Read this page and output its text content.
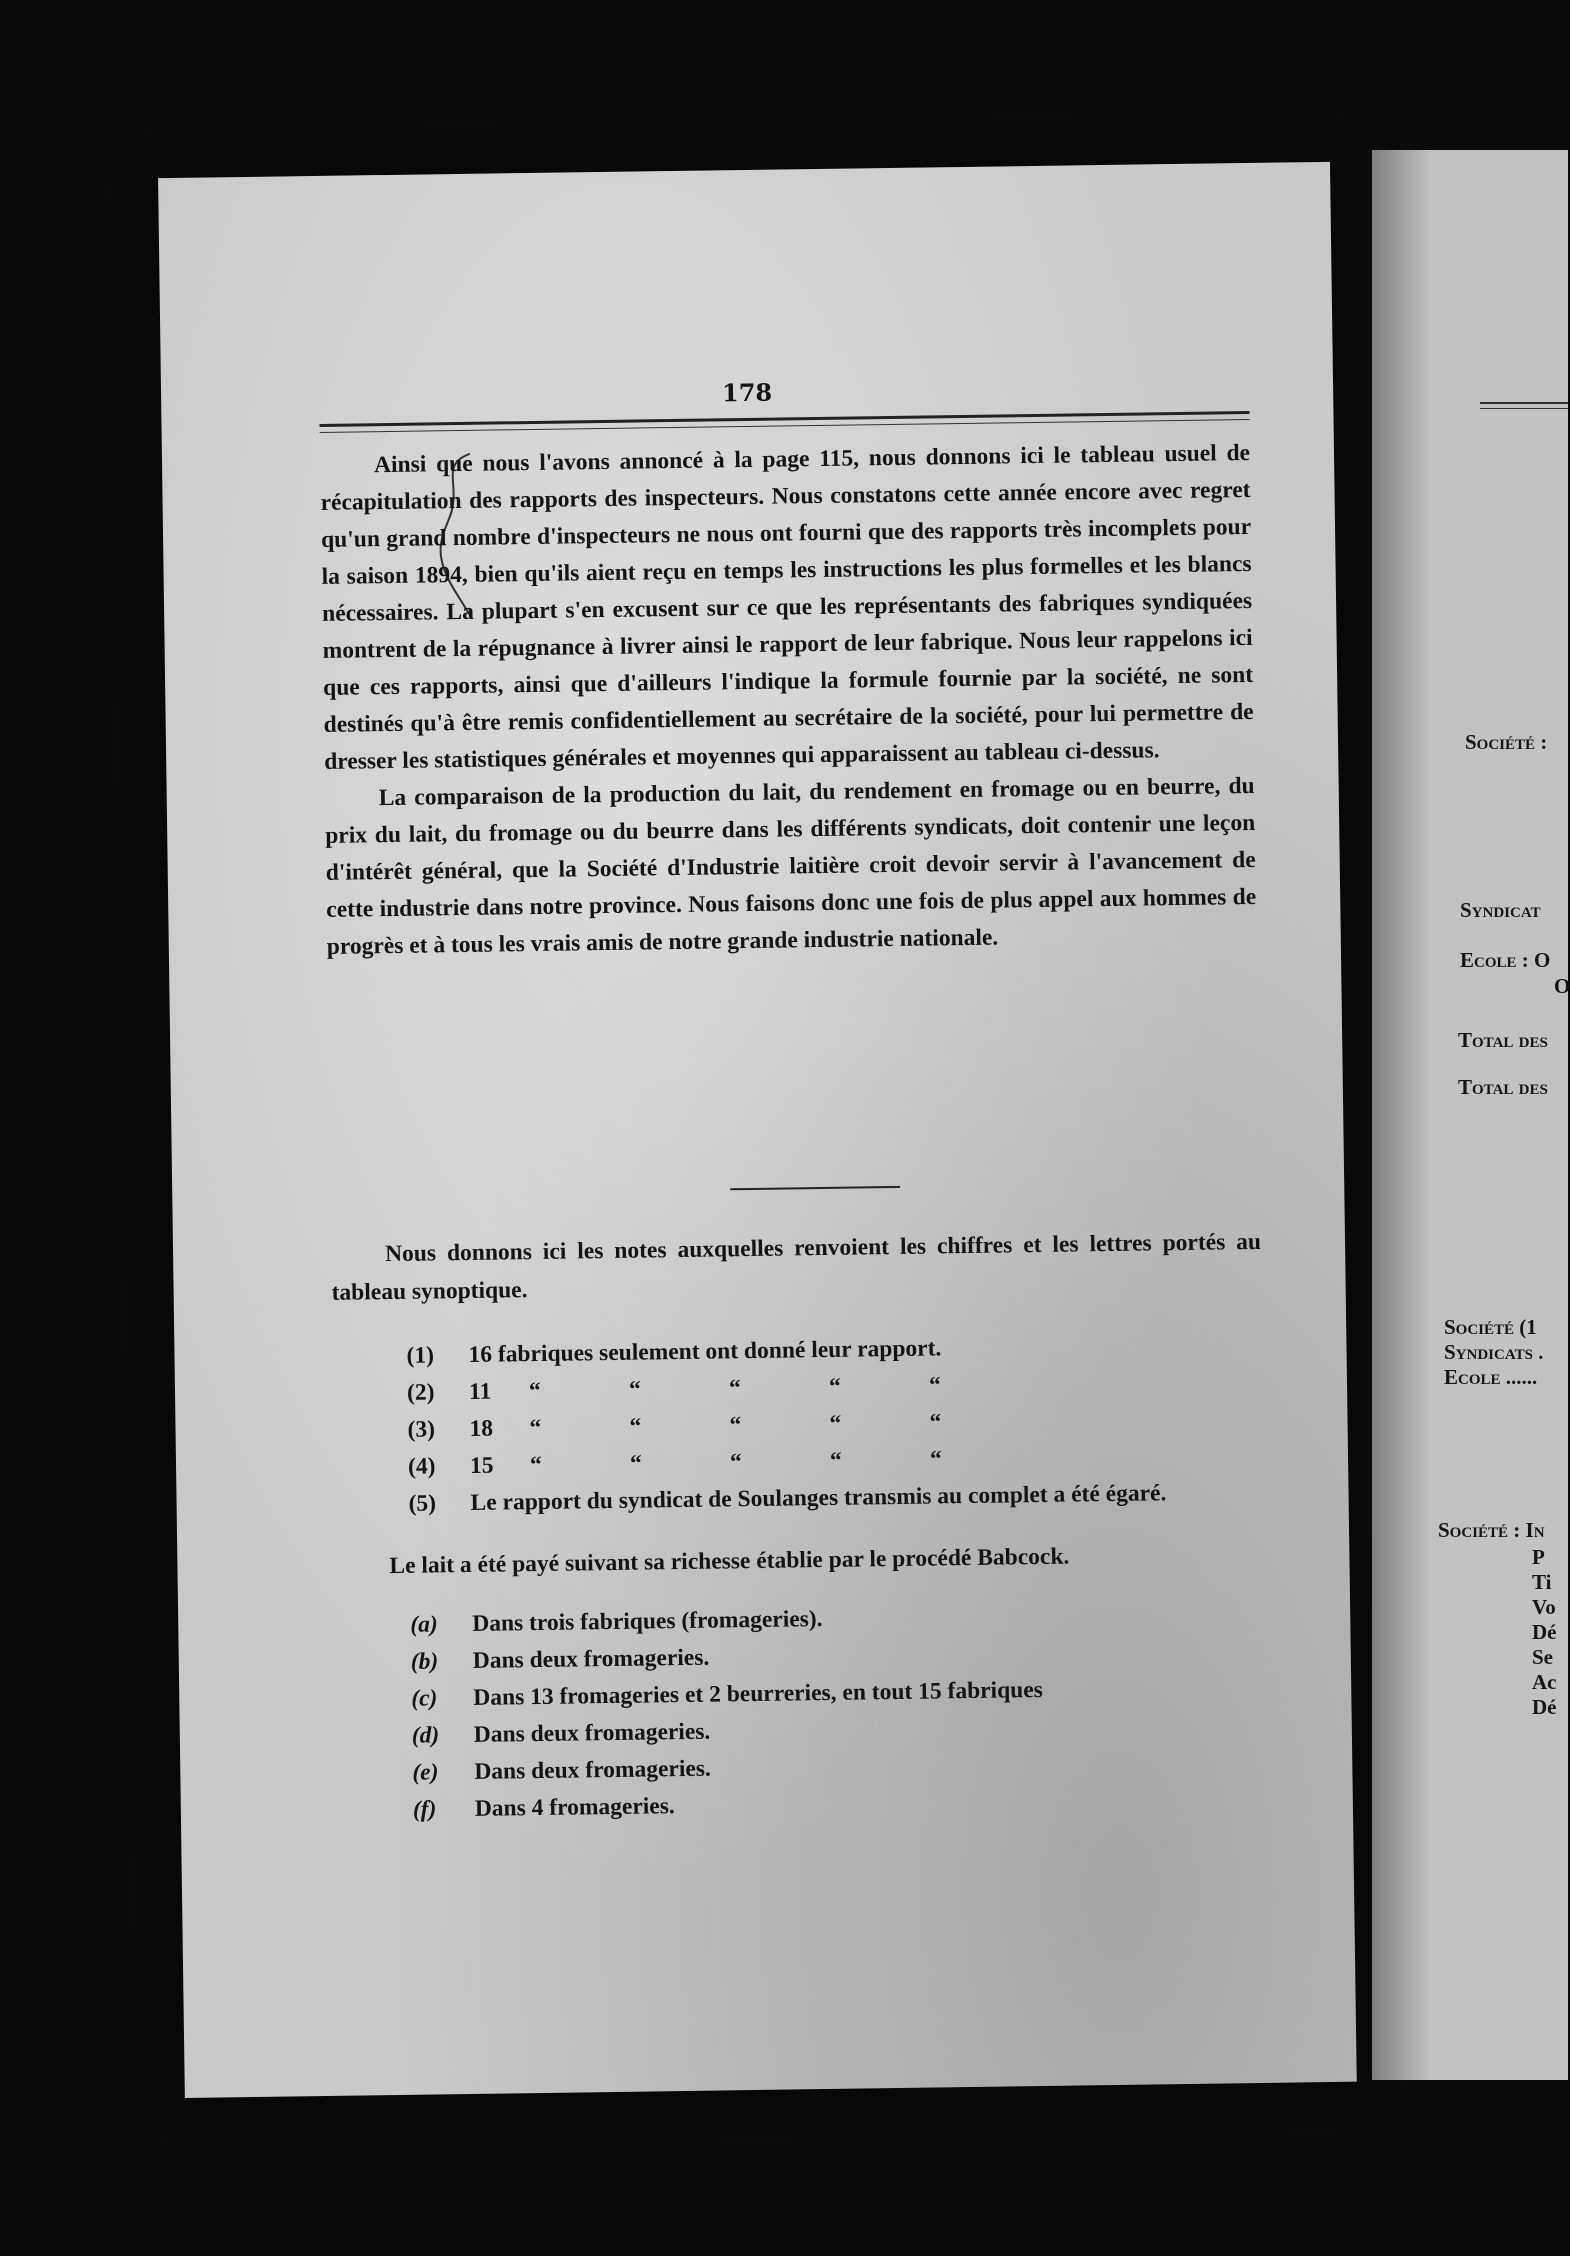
178

Ainsi que nous l'avons annoncé à la page 115, nous donnons ici le tableau usuel de récapitulation des rapports des inspecteurs. Nous constatons cette année encore avec regret qu'un grand nombre d'inspecteurs ne nous ont fourni que des rapports très incomplets pour la saison 1894, bien qu'ils aient reçu en temps les instructions les plus formelles et les blancs nécessaires. La plupart s'en excusent sur ce que les représentants des fabriques syndiquées montrent de la répugnance à livrer ainsi le rapport de leur fabrique. Nous leur rappelons ici que ces rapports, ainsi que d'ailleurs l'indique la formule fournie par la société, ne sont destinés qu'à être remis confidentiellement au secrétaire de la société, pour lui permettre de dresser les statistiques générales et moyennes qui apparaissent au tableau ci-dessus.

La comparaison de la production du lait, du rendement en fromage ou en beurre, du prix du lait, du fromage ou du beurre dans les différents syndicats, doit contenir une leçon d'intérêt général, que la Société d'Industrie laitière croit devoir servir à l'avancement de cette industrie dans notre province. Nous faisons donc une fois de plus appel aux hommes de progrès et à tous les vrais amis de notre grande industrie nationale.

Nous donnons ici les notes auxquelles renvoient les chiffres et les lettres portés au tableau synoptique.

(1)	16 fabriques seulement ont donné leur rapport.
(2)	11	“	“	“	“	“
(3)	18	“	“	“	“	“
(4)	15	“	“	“	“	“
(5)	Le rapport du syndicat de Soulanges transmis au complet a été égaré.
Le lait a été payé suivant sa richesse établie par le procédé Babcock.
(a)	Dans trois fabriques (fromageries).
(b)	Dans deux fromageries.
(c)	Dans 13 fromageries et 2 beurreries, en tout 15 fabriques
(d)	Dans deux fromageries.
(e)	Dans deux fromageries.
(f)	Dans 4 fromageries.
Société :
Syndicat
Ecole : O
O
Total des
Total des
Société (1
Syndicats .
Ecole ......
Société : In
P
Ti
Vo
Dé
Se
Ac
Dé
